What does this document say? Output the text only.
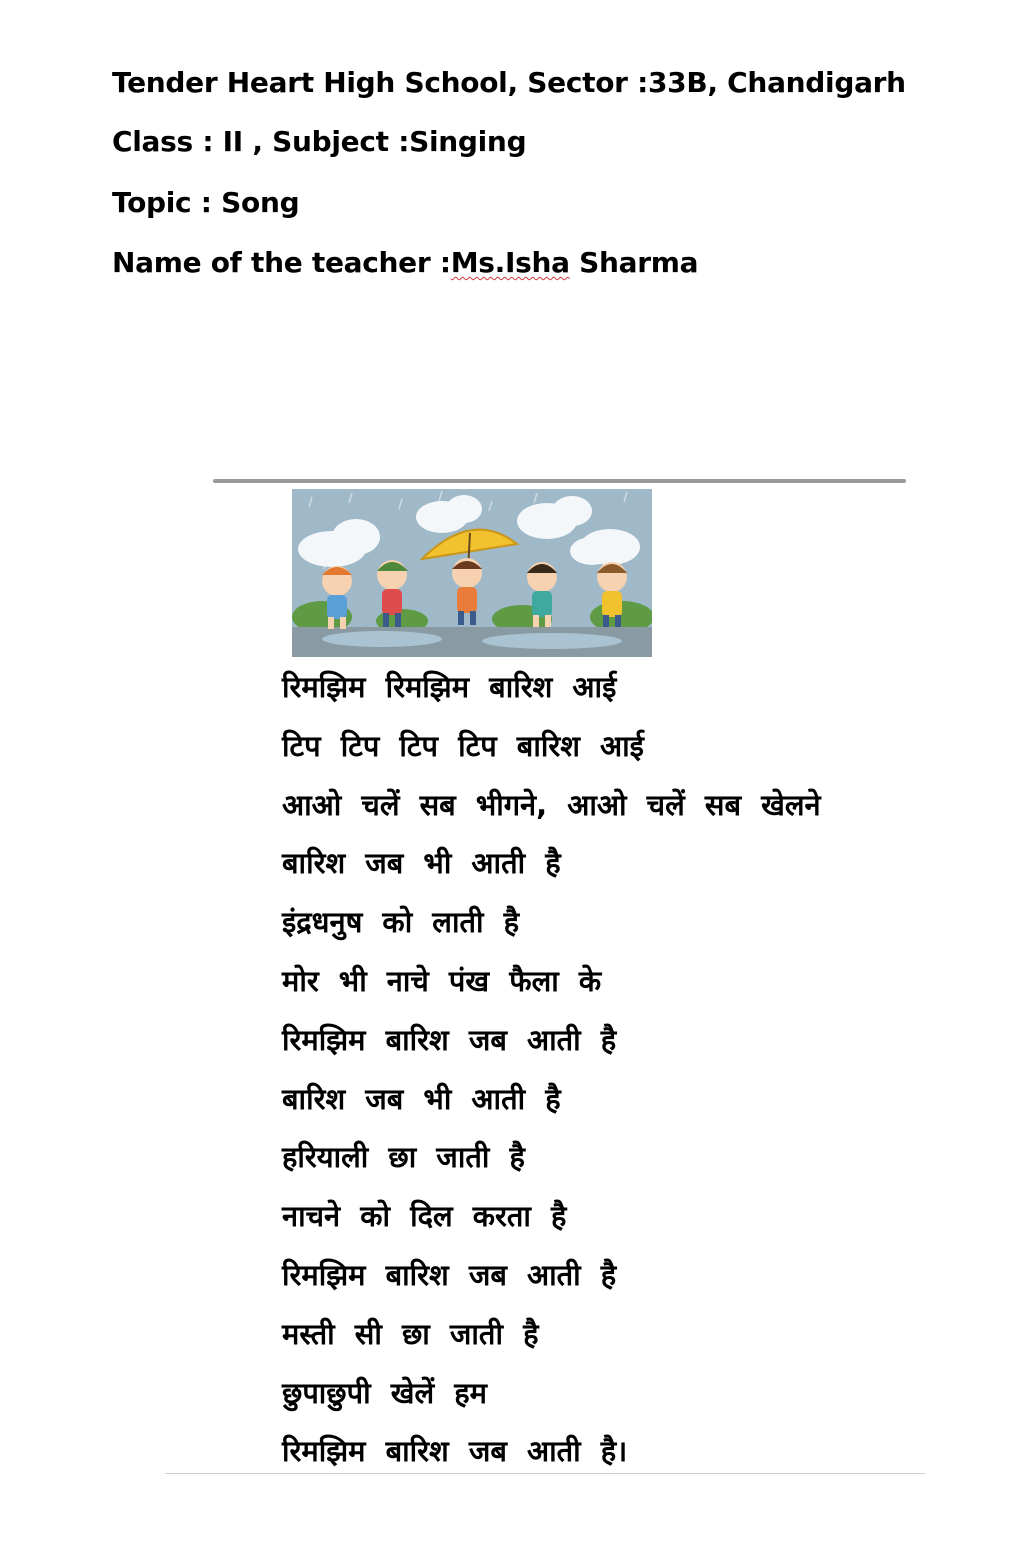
Tender Heart High School, Sector :33B, Chandigarh
Class : II , Subject :Singing
Topic : Song
Name of the teacher :Ms.Isha Sharma
रिमझिम रिमझिम बारिश आई
टिप टिप टिप टिप बारिश आई
आओ चलें सब भीगने, आओ चलें सब खेलने
बारिश जब भी आती है
इंद्रधनुष को लाती है
मोर भी नाचे पंख फैला के
रिमझिम बारिश जब आती है
बारिश जब भी आती है
हरियाली छा जाती है
नाचने को दिल करता है
रिमझिम बारिश जब आती है
मस्ती सी छा जाती है
छुपाछुपी खेलें हम
रिमझिम बारिश जब आती है।
